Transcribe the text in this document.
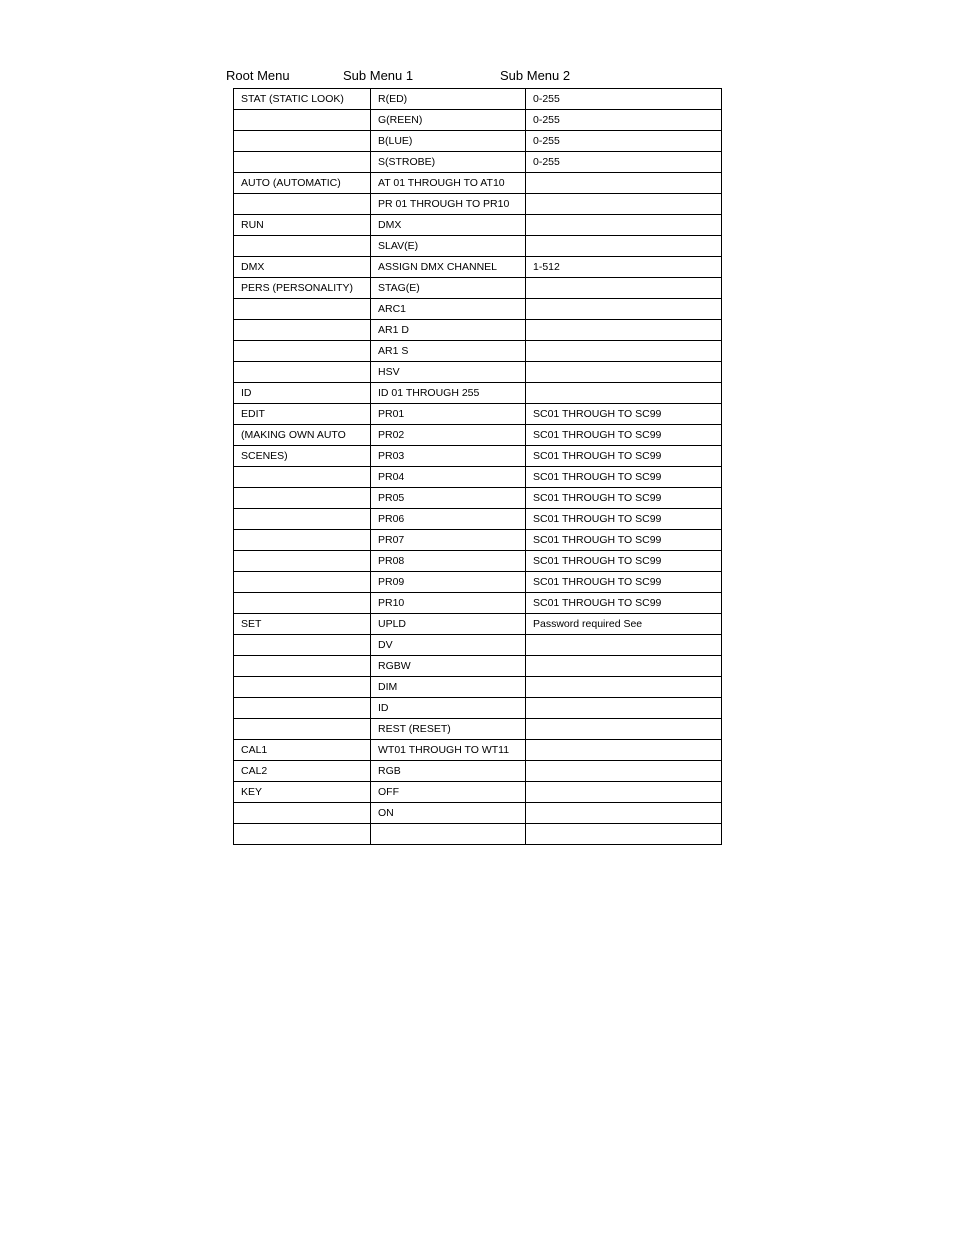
Root Menu	Sub Menu 1	Sub Menu 2
STAT (STATIC LOOK)	R(ED)	0-255
	G(REEN)	0-255
	B(LUE)	0-255
	S(STROBE)	0-255
AUTO (AUTOMATIC)	AT 01 THROUGH TO AT10	
	PR 01 THROUGH TO PR10	
RUN	DMX	
	SLAV(E)	
DMX	ASSIGN DMX CHANNEL	1-512
PERS (PERSONALITY)	STAG(E)	
	ARC1	
	AR1 D	
	AR1 S	
	HSV	
ID	ID 01 THROUGH 255	
EDIT	PR01	SC01 THROUGH TO SC99
(MAKING OWN AUTO	PR02	SC01 THROUGH TO SC99
SCENES)	PR03	SC01 THROUGH TO SC99
	PR04	SC01 THROUGH TO SC99
	PR05	SC01 THROUGH TO SC99
	PR06	SC01 THROUGH TO SC99
	PR07	SC01 THROUGH TO SC99
	PR08	SC01 THROUGH TO SC99
	PR09	SC01 THROUGH TO SC99
	PR10	SC01 THROUGH TO SC99
SET	UPLD	Password required See
	DV	
	RGBW	
	DIM	
	ID	
	REST (RESET)	
CAL1	WT01 THROUGH TO WT11	
CAL2	RGB	
KEY	OFF	
	ON	
